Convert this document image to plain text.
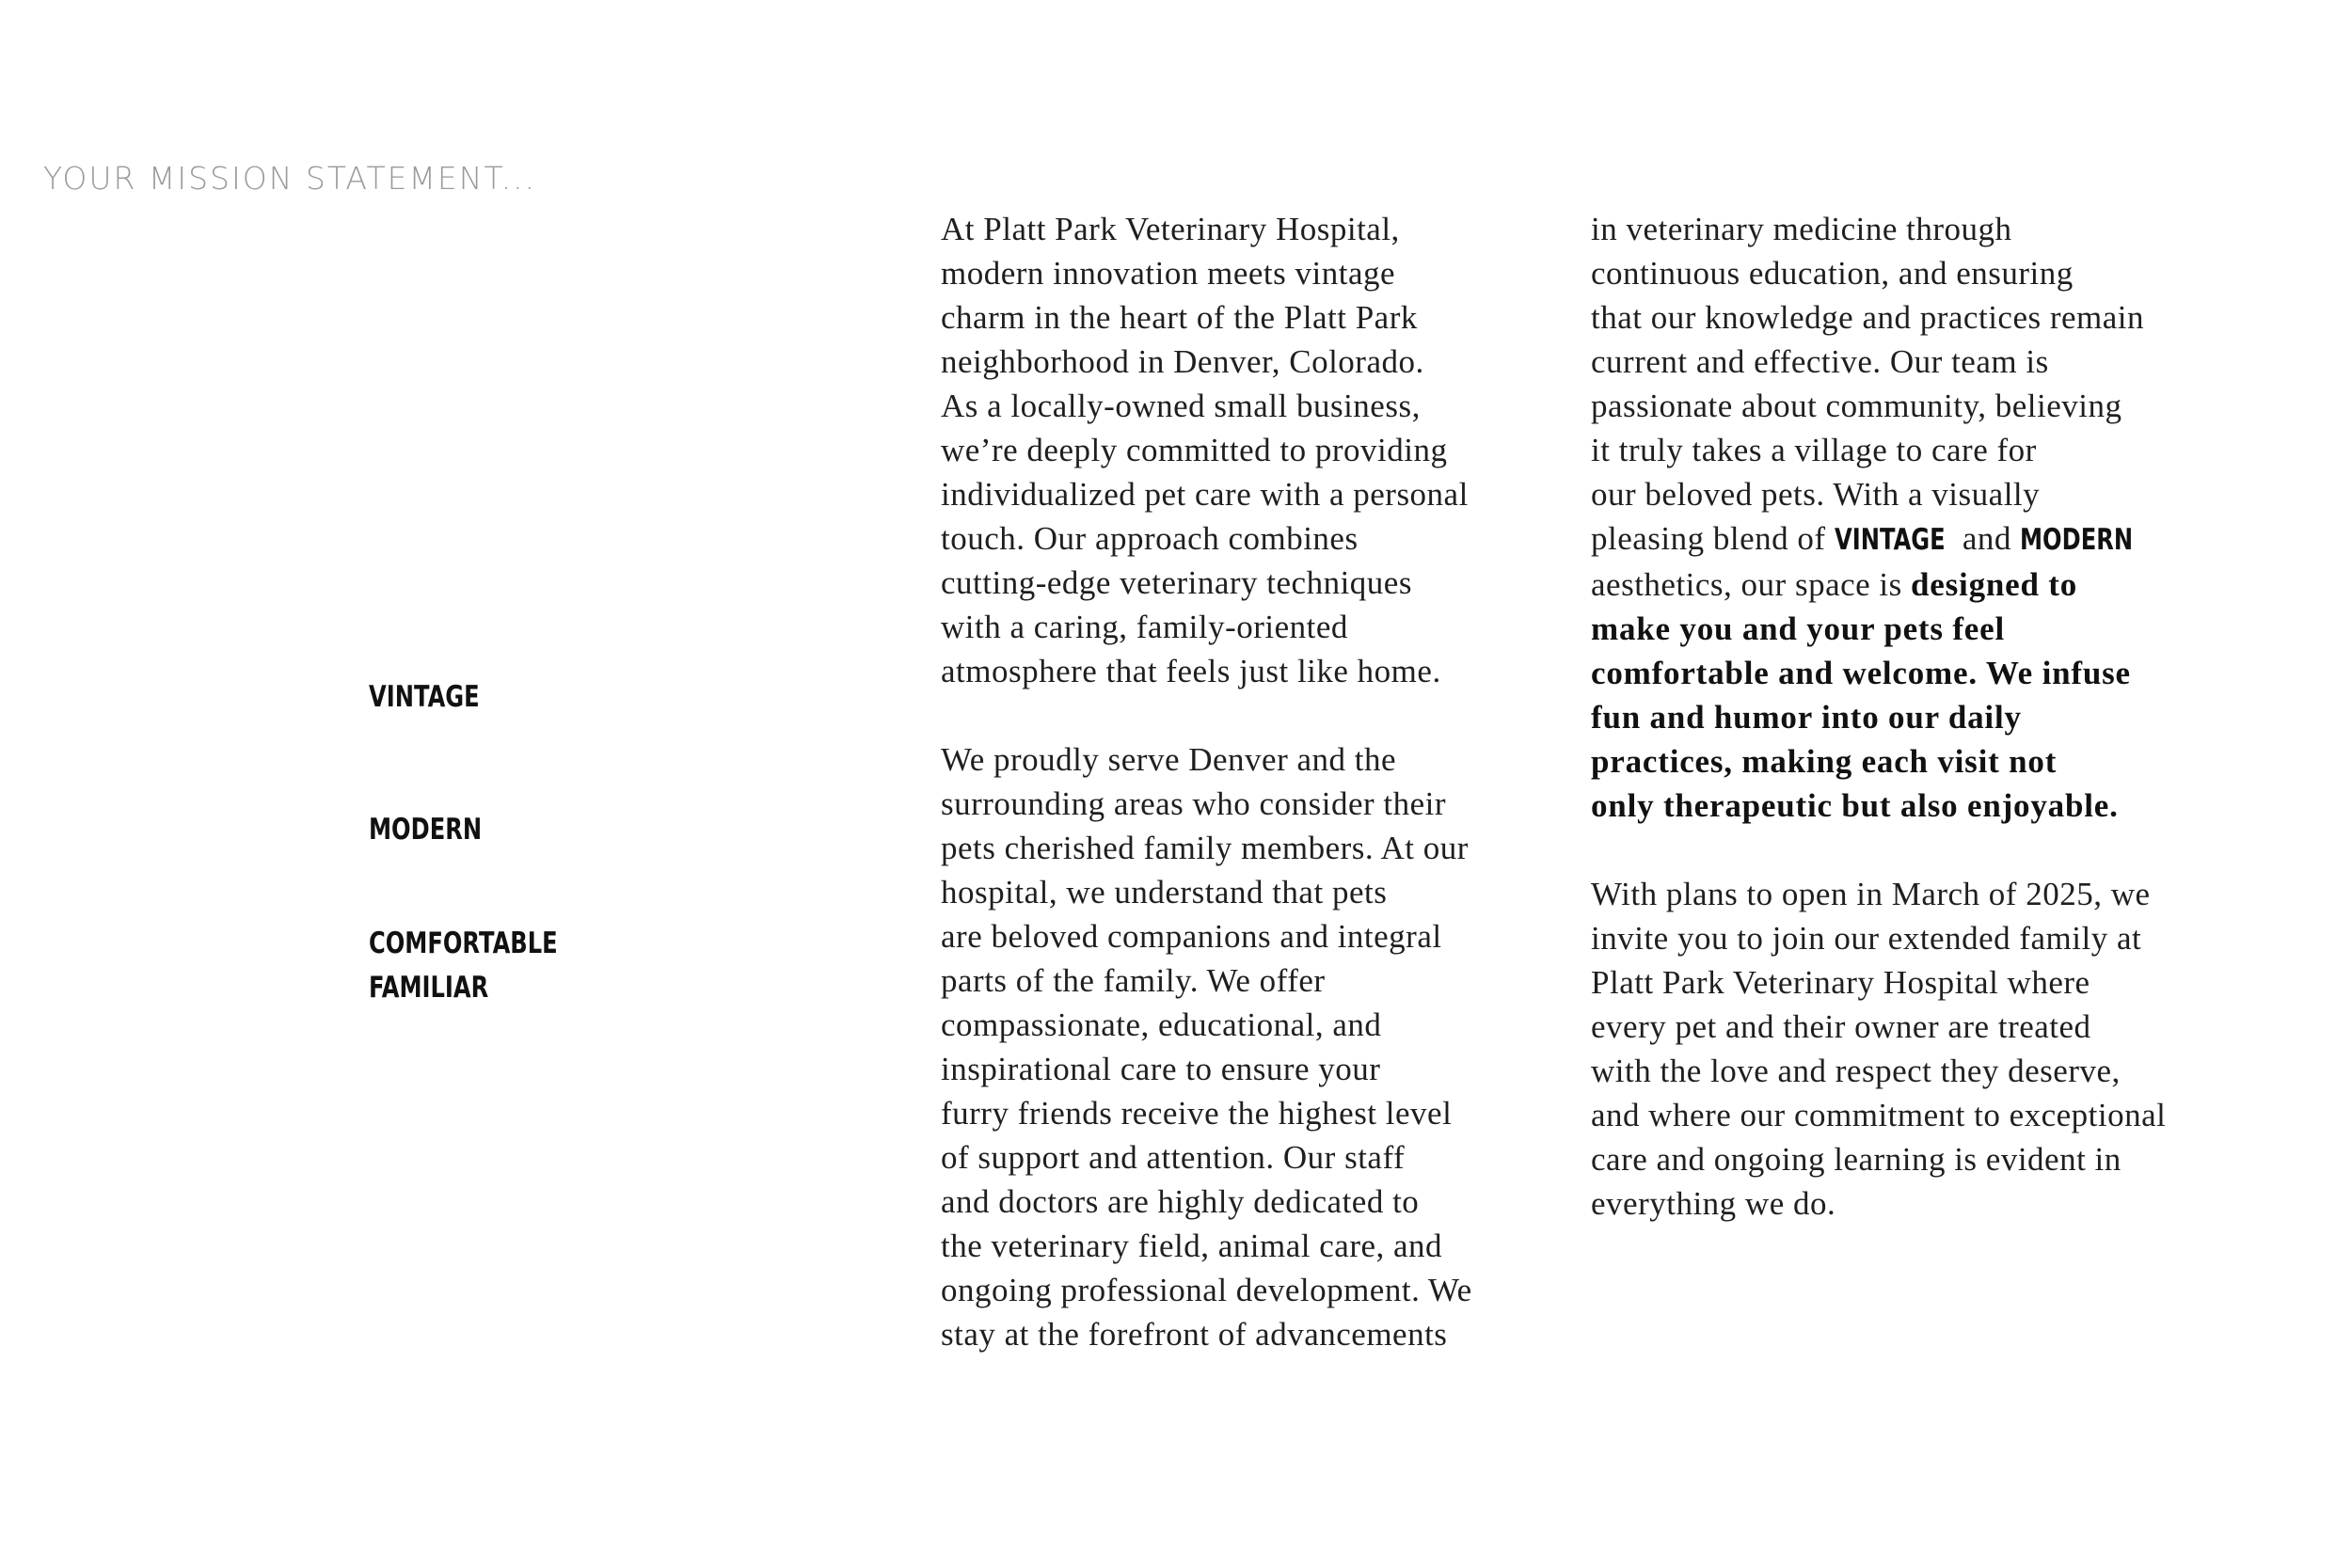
YOUR MISSION STATEMENT...
VINTAGE
MODERN
COMFORTABLE
FAMILIAR
At Platt Park Veterinary Hospital,
modern innovation meets vintage
charm in the heart of the Platt Park
neighborhood in Denver, Colorado.
As a locally-owned small business,
we’re deeply committed to providing
individualized pet care with a personal
touch. Our approach combines
cutting-edge veterinary techniques
with a caring, family-oriented
atmosphere that feels just like home.
We proudly serve Denver and the
surrounding areas who consider their
pets cherished family members. At our
hospital, we understand that pets
are beloved companions and integral
parts of the family. We offer
compassionate, educational, and
inspirational care to ensure your
furry friends receive the highest level
of support and attention. Our staff
and doctors are highly dedicated to
the veterinary field, animal care, and
ongoing professional development. We
stay at the forefront of advancements
in veterinary medicine through
continuous education, and ensuring
that our knowledge and practices remain
current and effective. Our team is
passionate about community, believing
it truly takes a village to care for
our beloved pets. With a visually
pleasing blend of VINTAGE and MODERN
aesthetics, our space is designed to
make you and your pets feel
comfortable and welcome. We infuse
fun and humor into our daily
practices, making each visit not
only therapeutic but also enjoyable.
With plans to open in March of 2025, we
invite you to join our extended family at
Platt Park Veterinary Hospital where
every pet and their owner are treated
with the love and respect they deserve,
and where our commitment to exceptional
care and ongoing learning is evident in
everything we do.
